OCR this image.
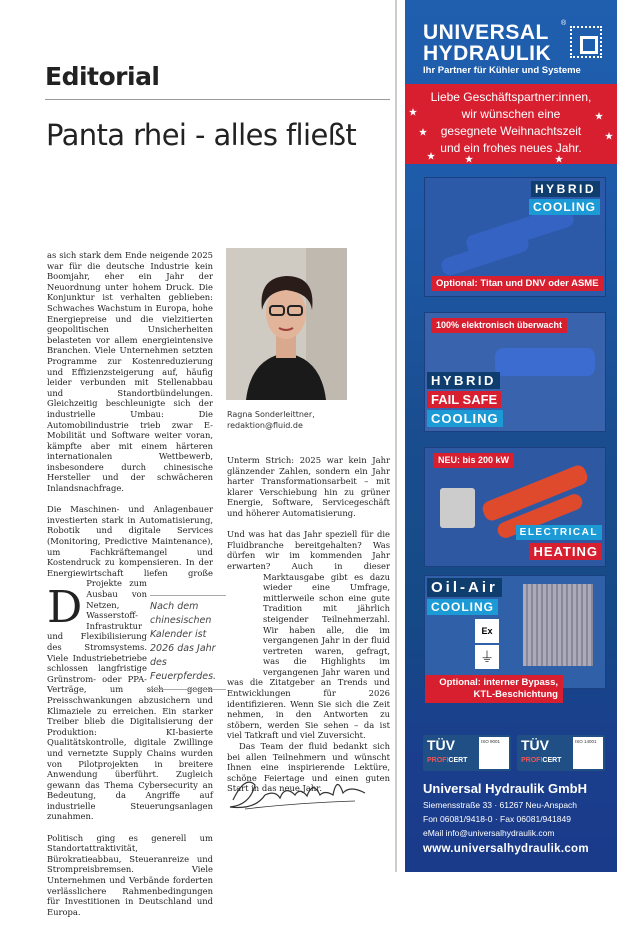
Editorial
Panta rhei - alles fließt

D
as sich stark dem Ende neigende 2025 war für die deutsche Industrie kein Boomjahr, eher ein Jahr der Neuordnung unter hohem Druck. Die Konjunktur ist verhalten geblieben: Schwaches Wachstum in Europa, hohe Energiepreise und die vielzitierten geopolitischen Unsicherheiten belasteten vor allem energieintensive Branchen. Viele Unternehmen setzten Programme zur Kostenreduzierung und Effizienzsteigerung auf, häufig leider verbunden mit Stellenabbau und Standortbündelungen. Gleichzeitig beschleunigte sich der industrielle Umbau: Die Automobilindustrie trieb zwar E-Mobilität und Software weiter voran, kämpfte aber mit einem härteren internationalen Wettbewerb, insbesondere durch chinesische Hersteller und der schwächeren Inlandsnachfrage.

Die Maschinen- und Anlagenbauer investierten stark in Automatisierung, Robotik und digitale Services (Monitoring, Predictive Maintenance), um Fachkräftemangel und Kostendruck zu kompensieren. In der Energiewirtschaft liefen große Projekte zum Ausbau von Netzen, Wasserstoff-Infrastruktur und Flexibilisierung des Stromsystems. Viele Industriebetriebe schlossen langfristige Grünstrom- oder PPA-Verträge, um sich gegen Preisschwankungen abzusichern und Klimaziele zu erreichen. Ein starker Treiber blieb die Digitalisierung der Produktion: KI-basierte Qualitätskontrolle, digitale Zwillinge und vernetzte Supply Chains wurden von Pilotprojekten in breitere Anwendung überführt. Zugleich gewann das Thema Cybersecurity an Bedeutung, da Angriffe auf industrielle Steuerungsanlagen zunahmen.

Politisch ging es generell um Standortattraktivität, Bürokratieabbau, Steueranreize und Strompreisbremsen. Viele Unternehmen und Verbände forderten verlässlichere Rahmenbedingungen für Investitionen in Deutschland und Europa.

Ragna Sonderleittner,
redaktion@fluid.de

Unterm Strich: 2025 war kein Jahr glänzender Zahlen, sondern ein Jahr harter Transformationsarbeit – mit klarer Verschiebung hin zu grüner Energie, Software, Servicegeschäft und höherer Automatisierung.

Und was hat das Jahr speziell für die Fluidbranche bereitgehalten? Was dürfen wir im kommenden Jahr erwarten? Auch in dieser Marktausgabe gibt es dazu wieder eine Umfrage, mittlerweile schon eine gute Tradition mit jährlich steigender Teilnehmerzahl. Wir haben alle, die im vergangenen Jahr in der fluid vertreten waren, gefragt, was die Highlights im vergangenen Jahr waren und was die Zitatgeber an Trends und Entwicklungen für 2026 identifizieren. Wenn Sie sich die Zeit nehmen, in den Antworten zu stöbern, werden Sie sehen – da ist viel Tatkraft und viel Zuversicht.

Das Team der fluid bedankt sich bei allen Teilnehmern und wünscht Ihnen eine inspirierende Lektüre, schöne Feiertage und einen guten Start in das neue Jahr.

Nach dem chinesischen Kalender ist 2026 das Jahr des Feuerpferdes.
UNIVERSAL
HYDRAULIK
®
Ihr Partner für Kühler und Systeme
Liebe Geschäftspartner:innen,
wir wünschen eine
gesegnete Weihnachtszeit
und ein frohes neues Jahr.
HYBRID
COOLING
Optional: Titan und DNV oder ASME
100% elektronisch überwacht
HYBRID
FAIL SAFE
COOLING
NEU: bis 200 kW
ELECTRICAL
HEATING
Oil-Air
COOLING
Ex
⏚
Optional: interner Bypass,
KTL-Beschichtung
TÜV
PROFICERT
ISO 9001	TÜV
PROFICERT
ISO 14001
Universal Hydraulik GmbH
Siemensstraße 33 · 61267 Neu-Anspach
Fon 06081/9418-0 · Fax 06081/941849
eMail info@universalhydraulik.com
www.universalhydraulik.com
